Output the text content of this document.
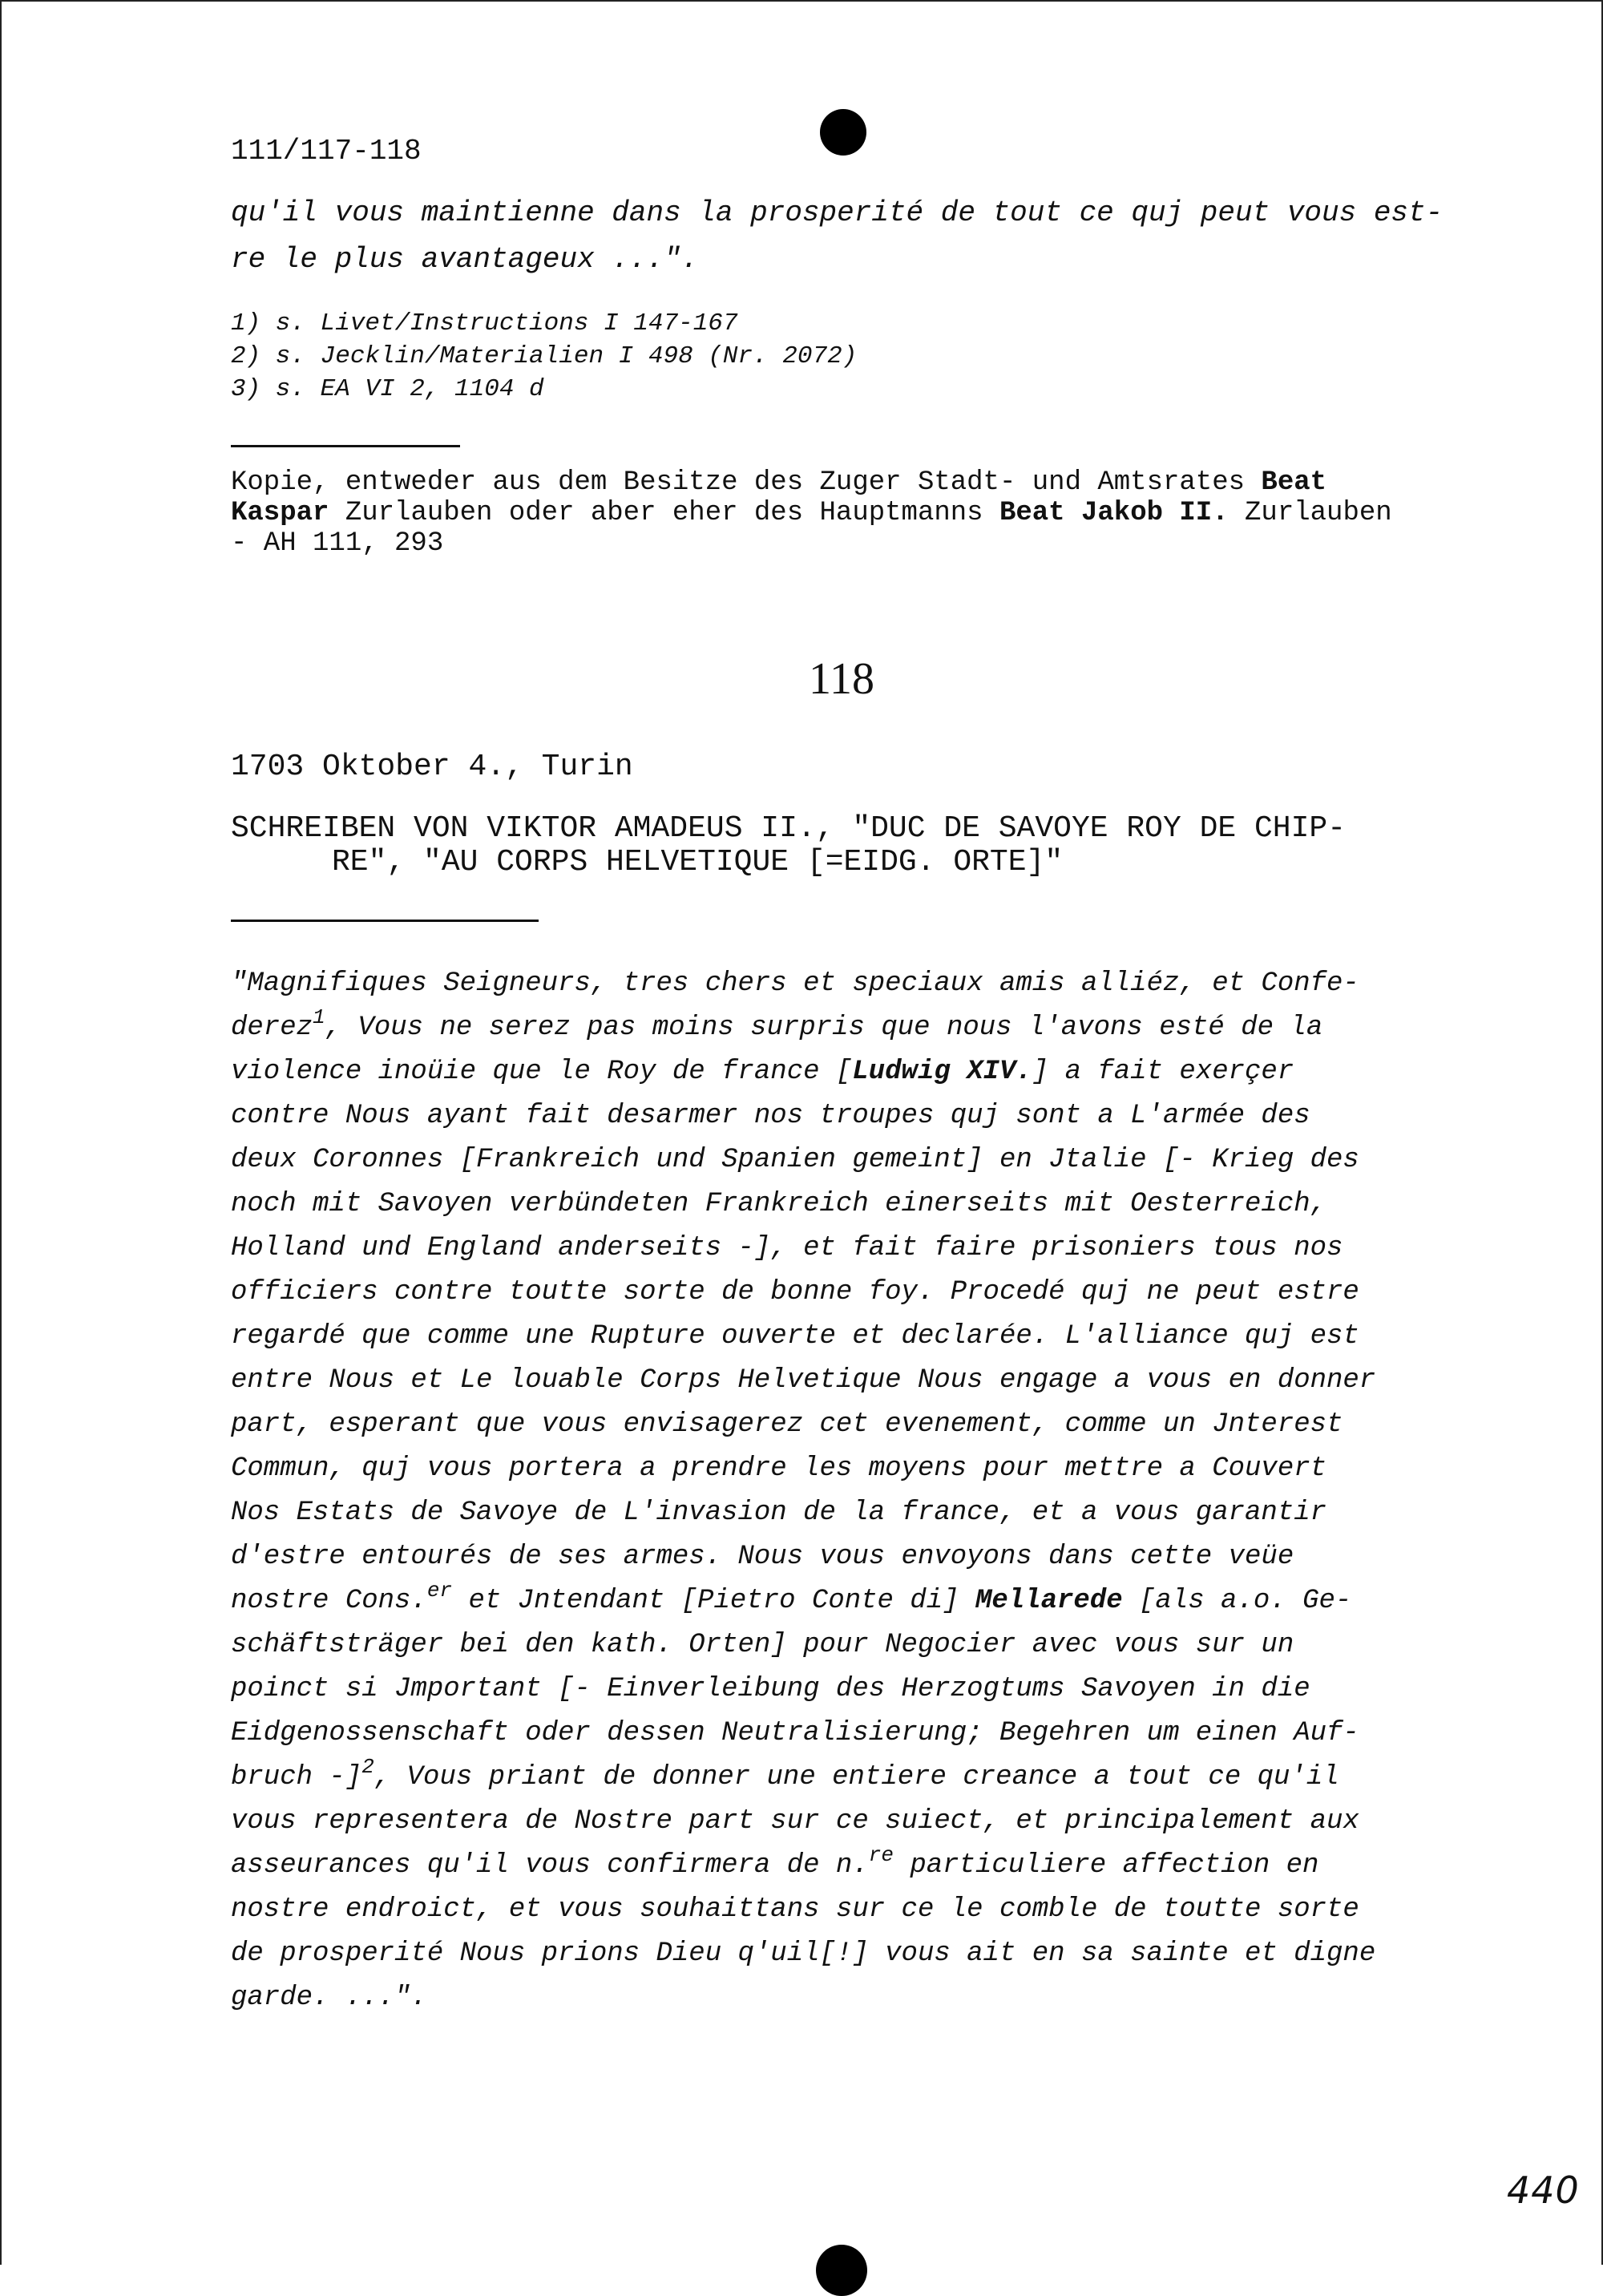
111/117-118
qu'il vous maintienne dans la prosperité de tout ce quj peut vous est-
re le plus avantageux ...".
1) s. Livet/Instructions I 147-167
2) s. Jecklin/Materialien I 498 (Nr. 2072)
3) s. EA VI 2, 1104 d
Kopie, entweder aus dem Besitze des Zuger Stadt- und Amtsrates Beat Kaspar Zurlauben oder aber eher des Hauptmanns Beat Jakob II. Zurlauben - AH 111, 293
118
1703 Oktober 4., Turin
SCHREIBEN VON VIKTOR AMADEUS II., "DUC DE SAVOYE ROY DE CHIP-
RE", "AU CORPS HELVETIQUE [=EIDG. ORTE]"
"Magnifiques Seigneurs, tres chers et speciaux amis alliéz, et Confe-
derez$^1$, Vous ne serez pas moins surpris que nous l'avons esté de la
violence inoüie que le Roy de france [Ludwig XIV.] a fait exerçer
contre Nous ayant fait desarmer nos troupes quj sont a L'armée des
deux Coronnes [Frankreich und Spanien gemeint] en Jtalie [- Krieg des
noch mit Savoyen verbündeten Frankreich einerseits mit Oesterreich,
Holland und England anderseits -], et fait faire prisoniers tous nos
officiers contre toutte sorte de bonne foy. Procedé quj ne peut estre
regardé que comme une Rupture ouverte et declarée. L'alliance quj est
entre Nous et Le louable Corps Helvetique Nous engage a vous en donner
part, esperant que vous envisagerez cet evenement, comme un Jnterest
Commun, quj vous portera a prendre les moyens pour mettre a Couvert
Nos Estats de Savoye de L'invasion de la france, et a vous garantir
d'estre entourés de ses armes. Nous vous envoyons dans cette veüe
nostre Cons.$^{er}$ et Jntendant [Pietro Conte di] Mellarede [als a.o. Ge-
schäftsträger bei den kath. Orten] pour Negocier avec vous sur un
poinct si Jmportant [- Einverleibung des Herzogtums Savoyen in die
Eidgenossenschaft oder dessen Neutralisierung; Begehren um einen Auf-
bruch -]$^2$, Vous priant de donner une entiere creance a tout ce qu'il
vous representera de Nostre part sur ce suiect, et principalement aux
asseurances qu'il vous confirmera de n.$^{re}$ particuliere affection en
nostre endroict, et vous souhaittans sur ce le comble de toutte sorte
de prosperité Nous prions Dieu q'uil[!] vous ait en sa sainte et digne
garde. ...".
440
